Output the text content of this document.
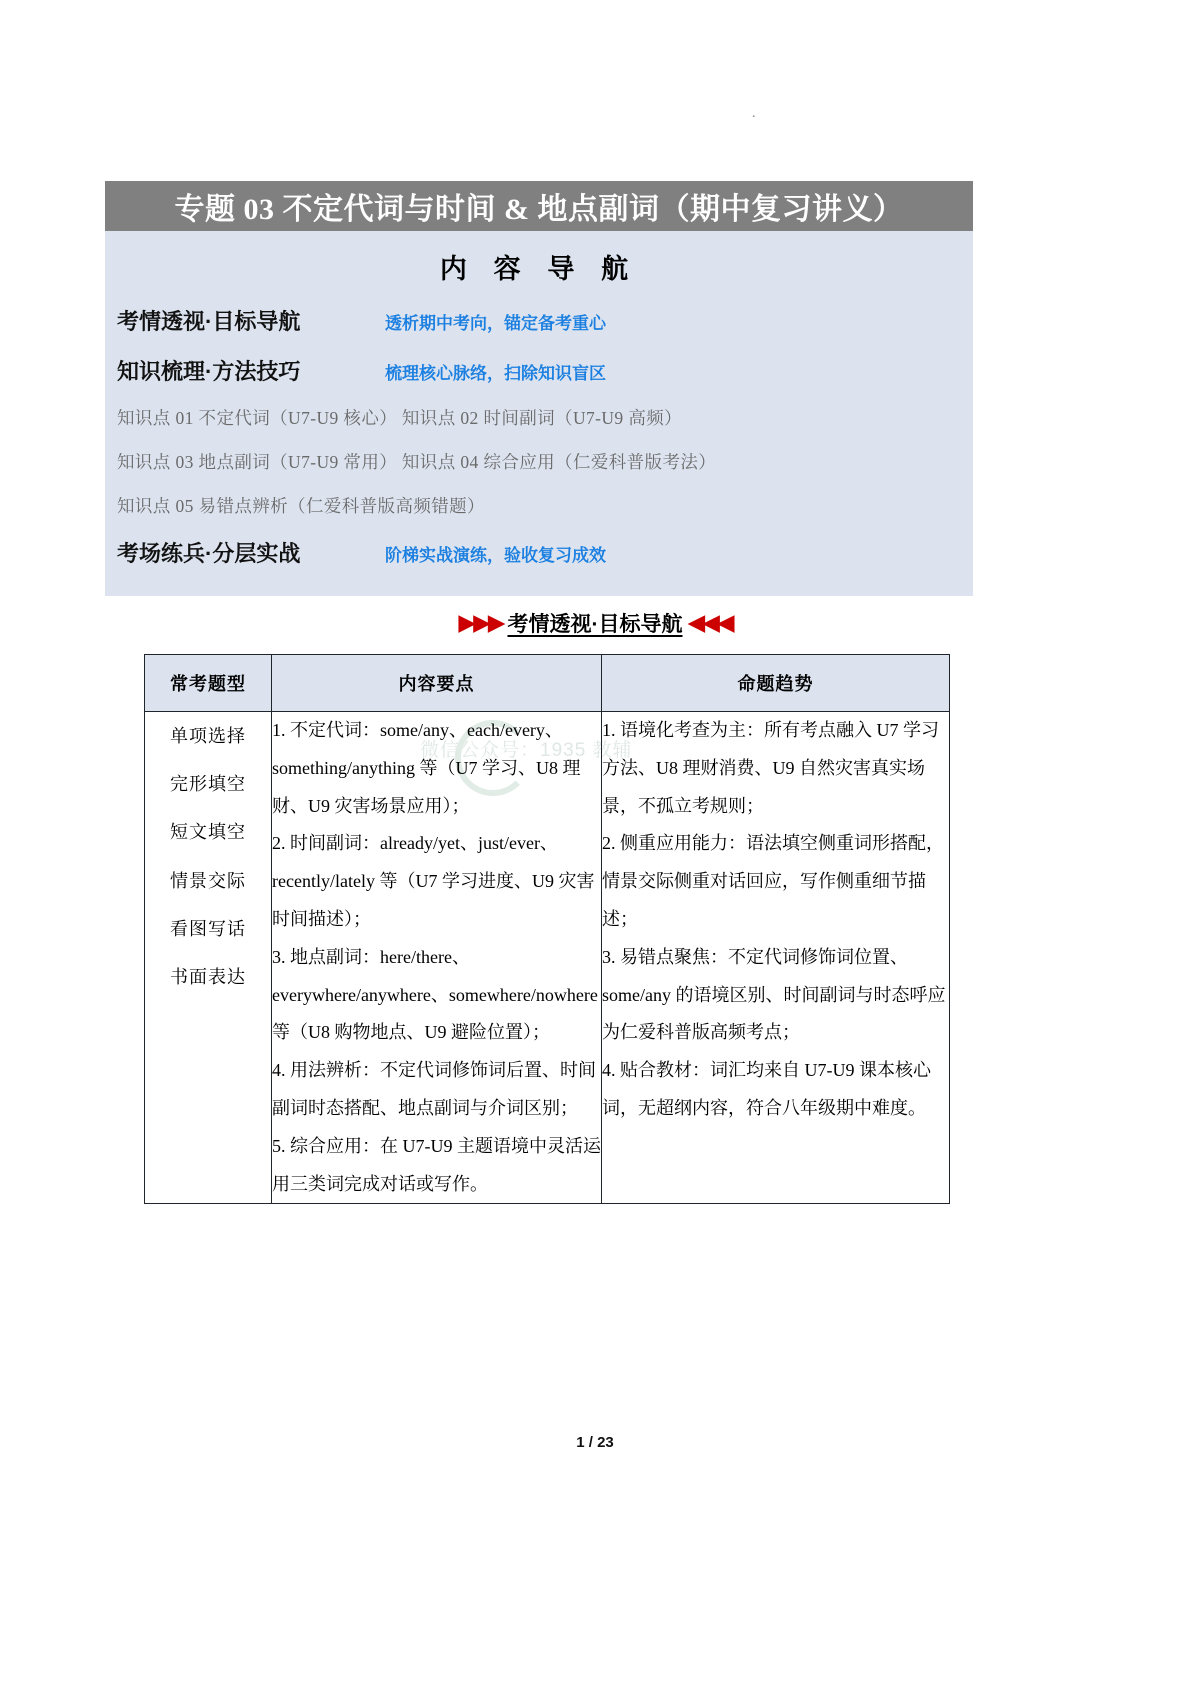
.
专题 03 不定代词与时间 & 地点副词（期中复习讲义）
内 容 导 航
考情透视·目标导航	透析期中考向，锚定备考重心
知识梳理·方法技巧	梳理核心脉络，扫除知识盲区
知识点 01 不定代词（U7-U9 核心） 知识点 02 时间副词（U7-U9 高频）
知识点 03 地点副词（U7-U9 常用） 知识点 04 综合应用（仁爱科普版考法）
知识点 05 易错点辨析（仁爱科普版高频错题）
考场练兵·分层实战	阶梯实战演练，验收复习成效
▶▶▶ 考情透视·目标导航 ◀◀◀
微信公众号：1935 教辅
常考题型	内容要点	命题趋势

单项选择
完形填空
短文填空
情景交际
看图写话
书面表达

1. 不定代词：some/any、each/every、something/anything 等（U7 学习、U8 理财、U9 灾害场景应用）；
2. 时间副词：already/yet、just/ever、recently/lately 等（U7 学习进度、U9 灾害时间描述）；
3. 地点副词：here/there、everywhere/anywhere、somewhere/nowhere 等（U8 购物地点、U9 避险位置）；
4. 用法辨析：不定代词修饰词后置、时间副词时态搭配、地点副词与介词区别；
5. 综合应用：在 U7-U9 主题语境中灵活运用三类词完成对话或写作。

1. 语境化考查为主：所有考点融入 U7 学习方法、U8 理财消费、U9 自然灾害真实场景，不孤立考规则；
2. 侧重应用能力：语法填空侧重词形搭配，情景交际侧重对话回应，写作侧重细节描述；
3. 易错点聚焦：不定代词修饰词位置、some/any 的语境区别、时间副词与时态呼应为仁爱科普版高频考点；
4. 贴合教材：词汇均来自 U7-U9 课本核心词，无超纲内容，符合八年级期中难度。
1 / 23
